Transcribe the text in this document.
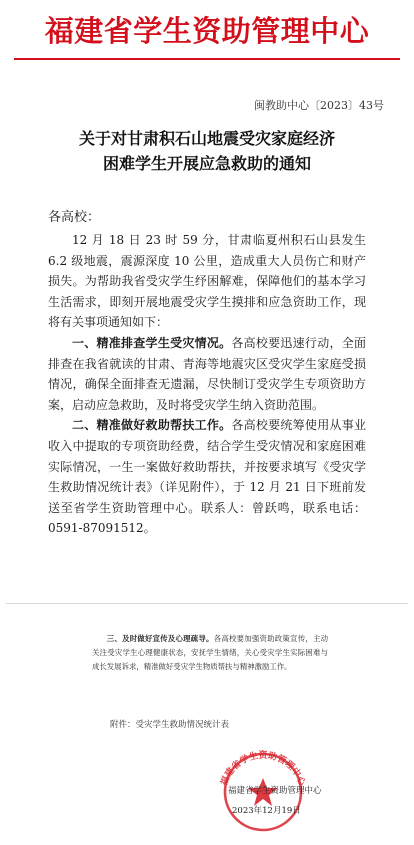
福建省学生资助管理中心
闽教助中心〔2023〕43号
关于对甘肃积石山地震受灾家庭经济
困难学生开展应急救助的通知
各高校：

12 月 18 日 23 时 59 分，甘肃临夏州积石山县发生 6.2 级地震，震源深度 10 公里，造成重大人员伤亡和财产损失。为帮助我省受灾学生纾困解难，保障他们的基本学习生活需求，即刻开展地震受灾学生摸排和应急资助工作，现将有关事项通知如下：

一、精准排查学生受灾情况。各高校要迅速行动，全面排查在我省就读的甘肃、青海等地震灾区受灾学生家庭受损情况，确保全面排查无遗漏，尽快制订受灾学生专项资助方案，启动应急救助，及时将受灾学生纳入资助范围。

二、精准做好救助帮扶工作。各高校要统筹使用从事业收入中提取的专项资助经费，结合学生受灾情况和家庭困难实际情况，一生一案做好救助帮扶，并按要求填写《受灾学生救助情况统计表》（详见附件），于 12 月 21 日下班前发送至省学生资助管理中心。联系人：曾跃鸣，联系电话：0591-87091512。

三、及时做好宣传及心理疏导。各高校要加强资助政策宣传，主动关注受灾学生心理健康状态，安抚学生情绪，关心受灾学生实际困难与成长发展诉求，精准做好受灾学生物质帮扶与精神激励工作。

附件：受灾学生救助情况统计表
福建省学生资助管理中心
福建省学生资助管理中心
2023年12月19日
